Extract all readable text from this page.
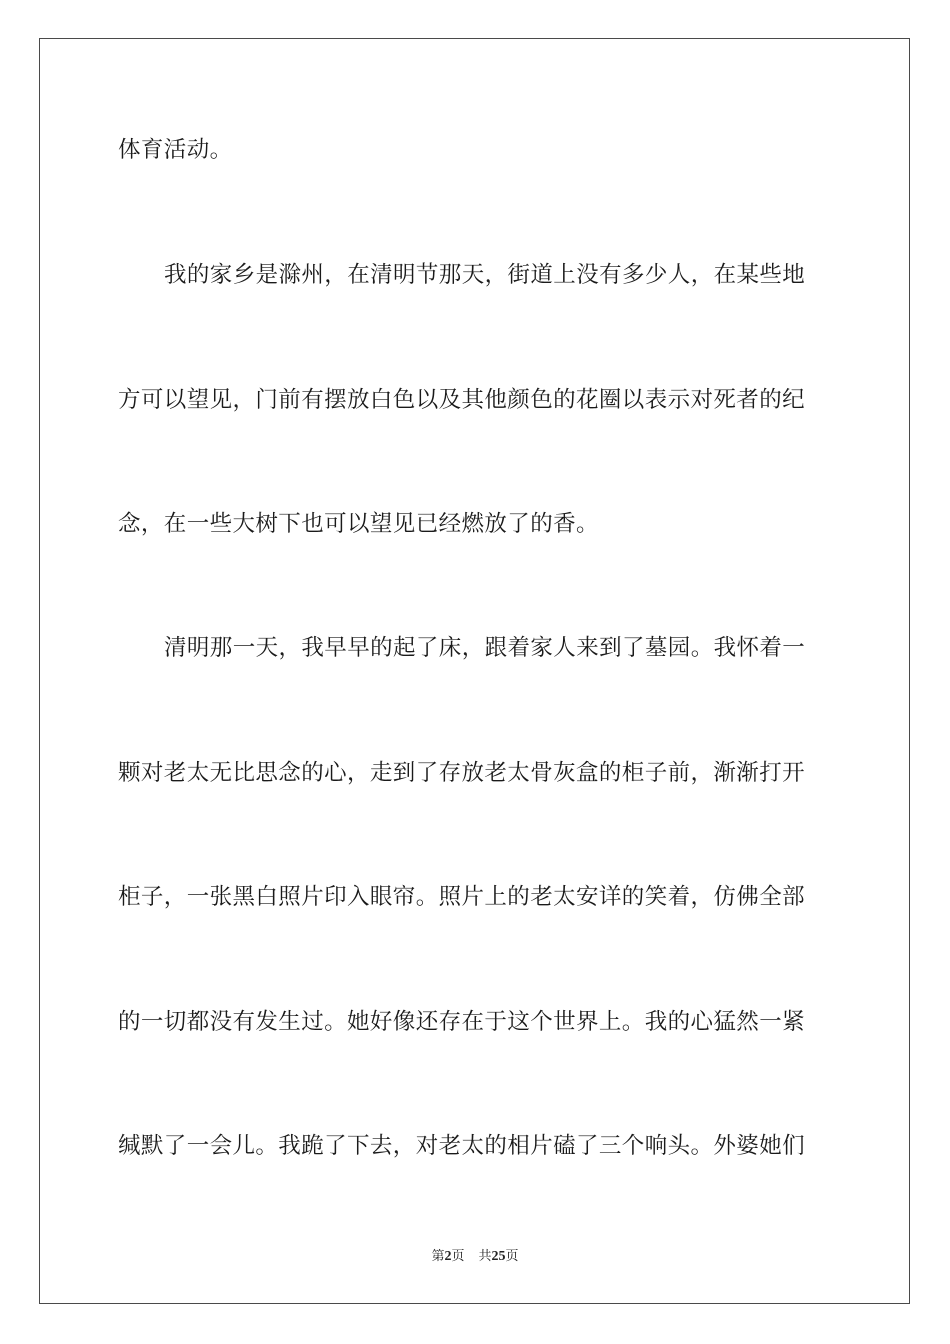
体育活动。
我的家乡是滁州，在清明节那天，街道上没有多少人，在某些地
方可以望见，门前有摆放白色以及其他颜色的花圈以表示对死者的纪
念，在一些大树下也可以望见已经燃放了的香。
清明那一天，我早早的起了床，跟着家人来到了墓园。我怀着一
颗对老太无比思念的心，走到了存放老太骨灰盒的柜子前，渐渐打开
柜子，一张黑白照片印入眼帘。照片上的老太安详的笑着，仿佛全部
的一切都没有发生过。她好像还存在于这个世界上。我的心猛然一紧
缄默了一会儿。我跪了下去，对老太的相片磕了三个响头。外婆她们
第2页 共25页
